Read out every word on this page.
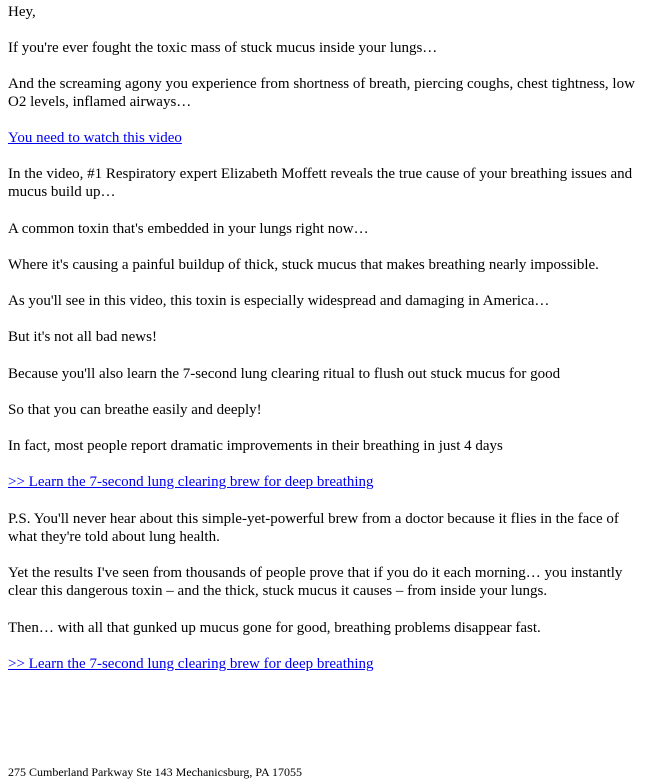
Hey,

If you're ever fought the toxic mass of stuck mucus inside your lungs…

And the screaming agony you experience from shortness of breath, piercing coughs, chest tightness, low O2 levels, inflamed airways…

You need to watch this video

In the video, #1 Respiratory expert Elizabeth Moffett reveals the true cause of your breathing issues and mucus build up…

A common toxin that's embedded in your lungs right now…

Where it's causing a painful buildup of thick, stuck mucus that makes breathing nearly impossible.

As you'll see in this video, this toxin is especially widespread and damaging in America…

But it's not all bad news!

Because you'll also learn the 7-second lung clearing ritual to flush out stuck mucus for good

So that you can breathe easily and deeply!

In fact, most people report dramatic improvements in their breathing in just 4 days

>> Learn the 7-second lung clearing brew for deep breathing

P.S. You'll never hear about this simple-yet-powerful brew from a doctor because it flies in the face of what they're told about lung health.

Yet the results I've seen from thousands of people prove that if you do it each morning… you instantly clear this dangerous toxin – and the thick, stuck mucus it causes – from inside your lungs.

Then… with all that gunked up mucus gone for good, breathing problems disappear fast.

>> Learn the 7-second lung clearing brew for deep breathing

275 Cumberland Parkway Ste 143 Mechanicsburg, PA 17055
